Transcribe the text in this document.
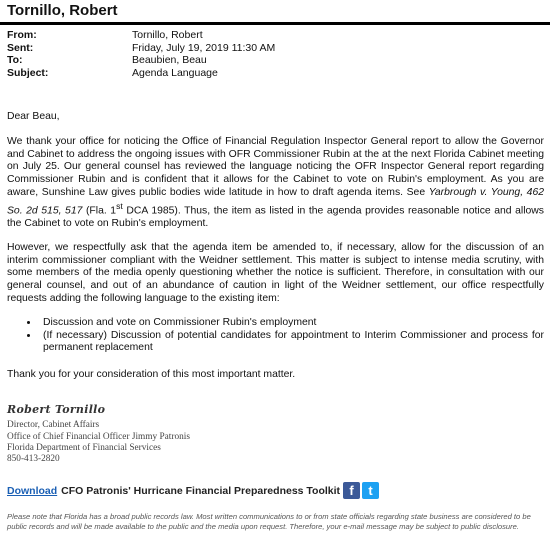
Tornillo, Robert
From:	Tornillo, Robert
Sent:	Friday, July 19, 2019 11:30 AM
To:	Beaubien, Beau
Subject:	Agenda Language

Dear Beau,

We thank your office for noticing the Office of Financial Regulation Inspector General report to allow the Governor and Cabinet to address the ongoing issues with OFR Commissioner Rubin at the at the next Florida Cabinet meeting on July 25. Our general counsel has reviewed the language noticing the OFR Inspector General report regarding Commissioner Rubin and is confident that it allows for the Cabinet to vote on Rubin's employment. As you are aware, Sunshine Law gives public bodies wide latitude in how to draft agenda items. See Yarbrough v. Young, 462 So. 2d 515, 517 (Fla. 1st DCA 1985). Thus, the item as listed in the agenda provides reasonable notice and allows the Cabinet to vote on Rubin's employment.

However, we respectfully ask that the agenda item be amended to, if necessary, allow for the discussion of an interim commissioner compliant with the Weidner settlement. This matter is subject to intense media scrutiny, with some members of the media openly questioning whether the notice is sufficient. Therefore, in consultation with our general counsel, and out of an abundance of caution in light of the Weidner settlement, our office respectfully requests adding the following language to the existing item:

• Discussion and vote on Commissioner Rubin's employment
• (If necessary) Discussion of potential candidates for appointment to Interim Commissioner and process for permanent replacement

Thank you for your consideration of this most important matter.

Robert Tornillo
Director, Cabinet Affairs
Office of Chief Financial Officer Jimmy Patronis
Florida Department of Financial Services
850-413-2820
Download CFO Patronis' Hurricane Financial Preparedness Toolkit f	t
Please note that Florida has a broad public records law. Most written communications to or from state officials regarding state business are considered to be public records and will be made available to the public and the media upon request. Therefore, your e-mail message may be subject to public disclosure.
